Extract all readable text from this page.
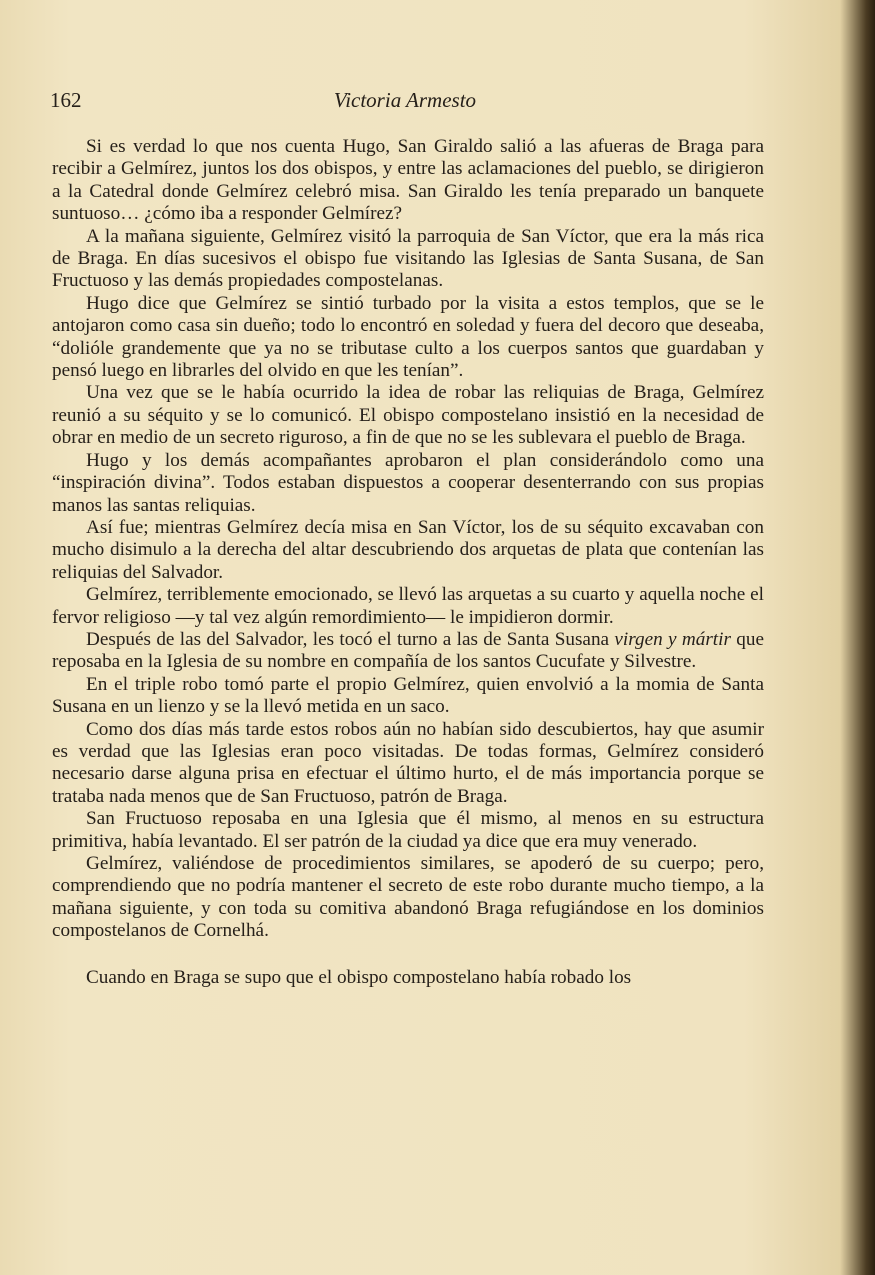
162	Victoria Armesto

Si es verdad lo que nos cuenta Hugo, San Giraldo salió a las afueras de Braga para recibir a Gelmírez, juntos los dos obispos, y entre las aclamaciones del pueblo, se dirigieron a la Catedral donde Gelmírez celebró misa. San Giraldo les tenía preparado un banquete suntuoso… ¿cómo iba a responder Gelmírez?

A la mañana siguiente, Gelmírez visitó la parroquia de San Víctor, que era la más rica de Braga. En días sucesivos el obispo fue visitando las Iglesias de Santa Susana, de San Fructuoso y las demás propiedades compostelanas.

Hugo dice que Gelmírez se sintió turbado por la visita a estos templos, que se le antojaron como casa sin dueño; todo lo encontró en soledad y fuera del decoro que deseaba, “dolióle grandemente que ya no se tributase culto a los cuerpos santos que guardaban y pensó luego en librarles del olvido en que les tenían”.

Una vez que se le había ocurrido la idea de robar las reliquias de Braga, Gelmírez reunió a su séquito y se lo comunicó. El obispo compostelano insistió en la necesidad de obrar en medio de un secreto riguroso, a fin de que no se les sublevara el pueblo de Braga.

Hugo y los demás acompañantes aprobaron el plan considerándolo como una “inspiración divina”. Todos estaban dispuestos a cooperar desenterrando con sus propias manos las santas reliquias.

Así fue; mientras Gelmírez decía misa en San Víctor, los de su séquito excavaban con mucho disimulo a la derecha del altar descubriendo dos arquetas de plata que contenían las reliquias del Salvador.

Gelmírez, terriblemente emocionado, se llevó las arquetas a su cuarto y aquella noche el fervor religioso —y tal vez algún remordimiento— le impidieron dormir.

Después de las del Salvador, les tocó el turno a las de Santa Susana virgen y mártir que reposaba en la Iglesia de su nombre en compañía de los santos Cucufate y Silvestre.

En el triple robo tomó parte el propio Gelmírez, quien envolvió a la momia de Santa Susana en un lienzo y se la llevó metida en un saco.

Como dos días más tarde estos robos aún no habían sido descubiertos, hay que asumir es verdad que las Iglesias eran poco visitadas. De todas formas, Gelmírez consideró necesario darse alguna prisa en efectuar el último hurto, el de más importancia porque se trataba nada menos que de San Fructuoso, patrón de Braga.

San Fructuoso reposaba en una Iglesia que él mismo, al menos en su estructura primitiva, había levantado. El ser patrón de la ciudad ya dice que era muy venerado.

Gelmírez, valiéndose de procedimientos similares, se apoderó de su cuerpo; pero, comprendiendo que no podría mantener el secreto de este robo durante mucho tiempo, a la mañana siguiente, y con toda su comitiva abandonó Braga refugiándose en los dominios compostelanos de Cornelhá.

Cuando en Braga se supo que el obispo compostelano había robado los
